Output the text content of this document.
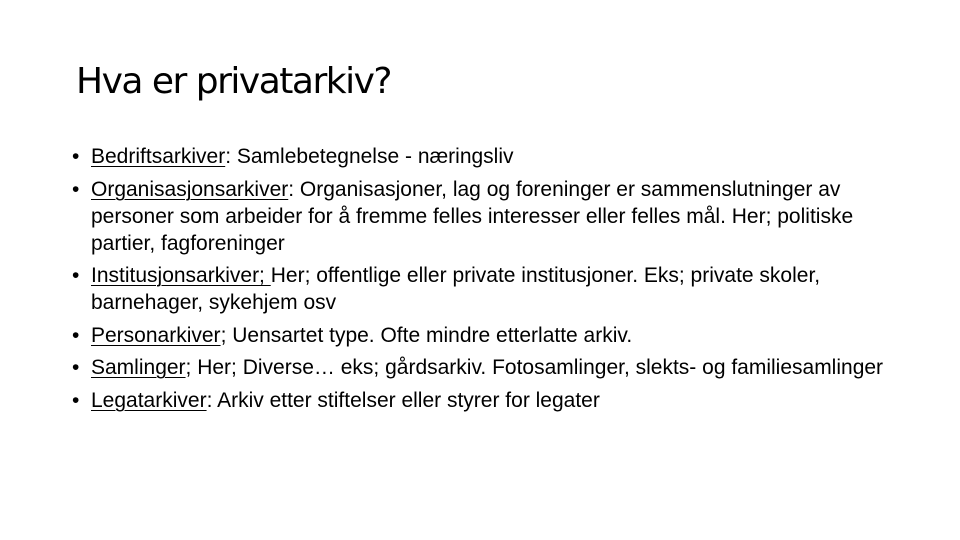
Hva er privatarkiv?
• Bedriftsarkiver: Samlebetegnelse - næringsliv
• Organisasjonsarkiver: Organisasjoner, lag og foreninger er sammenslutninger av personer som arbeider for å fremme felles interesser eller felles mål. Her; politiske partier, fagforeninger
• Institusjonsarkiver; Her; offentlige eller private institusjoner. Eks; private skoler, barnehager, sykehjem osv
• Personarkiver; Uensartet type. Ofte mindre etterlatte arkiv.
• Samlinger; Her; Diverse… eks; gårdsarkiv. Fotosamlinger, slekts- og familiesamlinger
• Legatarkiver: Arkiv etter stiftelser eller styrer for legater
